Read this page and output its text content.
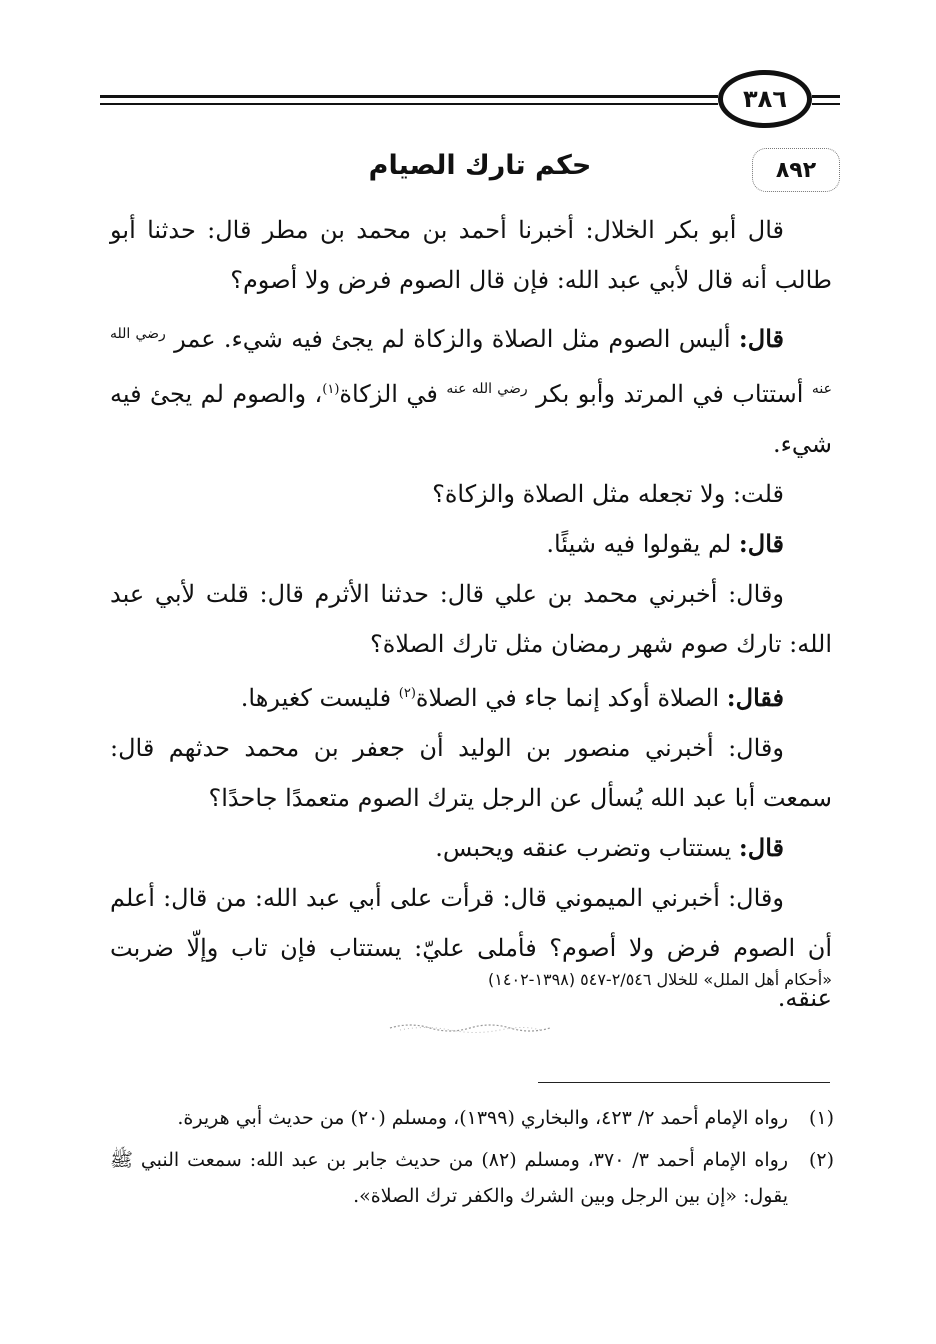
٣٨٦
٨٩٢
حكم تارك الصيام

قال أبو بكر الخلال: أخبرنا أحمد بن محمد بن مطر قال: حدثنا أبو طالب أنه قال لأبي عبد الله: فإن قال الصوم فرض ولا أصوم؟

قال: أليس الصوم مثل الصلاة والزكاة لم يجئ فيه شيء. عمر $^{رضي الله عنه}$ أستتاب في المرتد وأبو بكر $^{رضي الله عنه}$ في الزكاة$^{(١)}$، والصوم لم يجئ فيه شيء.

قلت: ولا تجعله مثل الصلاة والزكاة؟

قال: لم يقولوا فيه شيئًا.

وقال: أخبرني محمد بن علي قال: حدثنا الأثرم قال: قلت لأبي عبد الله: تارك صوم شهر رمضان مثل تارك الصلاة؟

فقال: الصلاة أوكد إنما جاء في الصلاة$^{(٢)}$ فليست كغيرها.

وقال: أخبرني منصور بن الوليد أن جعفر بن محمد حدثهم قال: سمعت أبا عبد الله يُسأل عن الرجل يترك الصوم متعمدًا جاحدًا؟

قال: يستتاب وتضرب عنقه ويحبس.

وقال: أخبرني الميموني قال: قرأت على أبي عبد الله: من قال: أعلم أن الصوم فرض ولا أصوم؟ فأملى عليّ: يستتاب فإن تاب وإلّا ضربت عنقه.

«أحكام أهل الملل» للخلال ٢/٥٤٦-٥٤٧ (١٣٩٨-١٤٠٢)
(١)
رواه الإمام أحمد ٢/ ٤٢٣، والبخاري (١٣٩٩)، ومسلم (٢٠) من حديث أبي هريرة.
(٢)
رواه الإمام أحمد ٣/ ٣٧٠، ومسلم (٨٢) من حديث جابر بن عبد الله: سمعت النبي ﷺ يقول: «إن بين الرجل وبين الشرك والكفر ترك الصلاة».
